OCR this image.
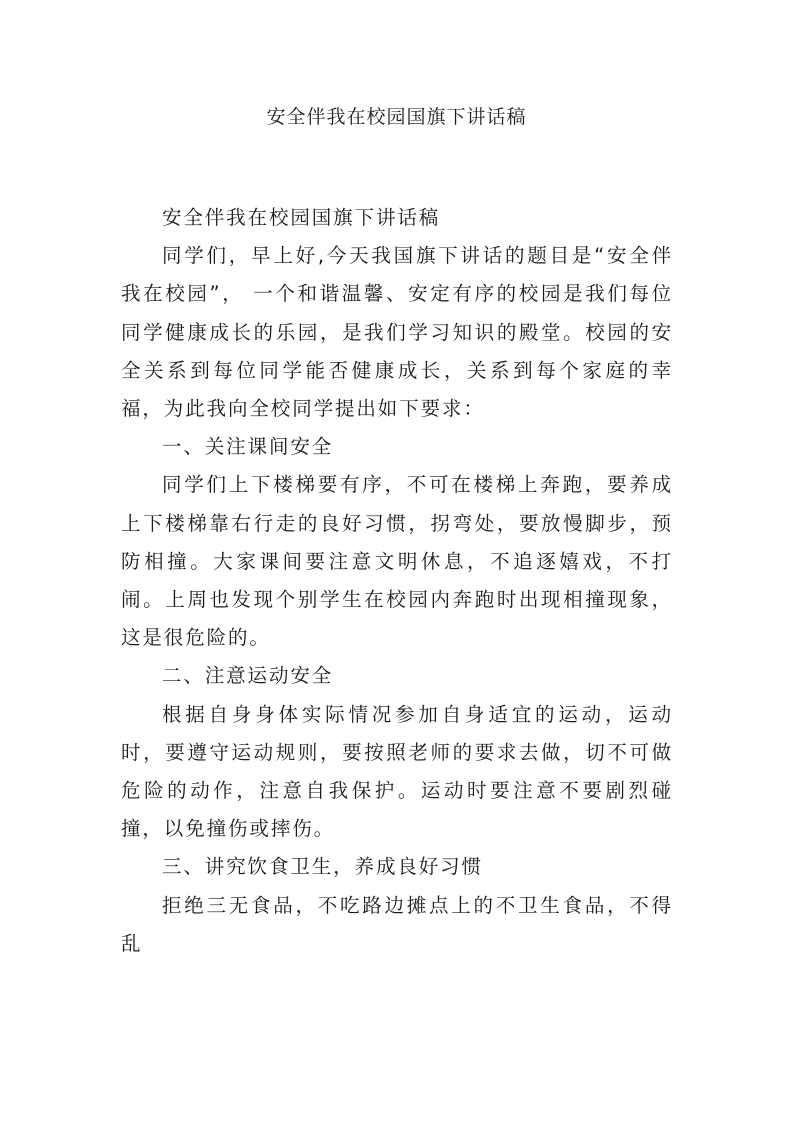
安全伴我在校园国旗下讲话稿

安全伴我在校园国旗下讲话稿

同学们，早上好,今天我国旗下讲话的题目是“安全伴我在校园”， 一个和谐温馨、安定有序的校园是我们每位同学健康成长的乐园，是我们学习知识的殿堂。校园的安全关系到每位同学能否健康成长，关系到每个家庭的幸福，为此我向全校同学提出如下要求：

一、关注课间安全

同学们上下楼梯要有序，不可在楼梯上奔跑，要养成上下楼梯靠右行走的良好习惯，拐弯处，要放慢脚步，预防相撞。大家课间要注意文明休息，不追逐嬉戏，不打闹。上周也发现个别学生在校园内奔跑时出现相撞现象，这是很危险的。

二、注意运动安全

根据自身身体实际情况参加自身适宜的运动，运动时，要遵守运动规则，要按照老师的要求去做，切不可做危险的动作，注意自我保护。运动时要注意不要剧烈碰撞，以免撞伤或摔伤。

三、讲究饮食卫生，养成良好习惯

拒绝三无食品，不吃路边摊点上的不卫生食品，不得乱
